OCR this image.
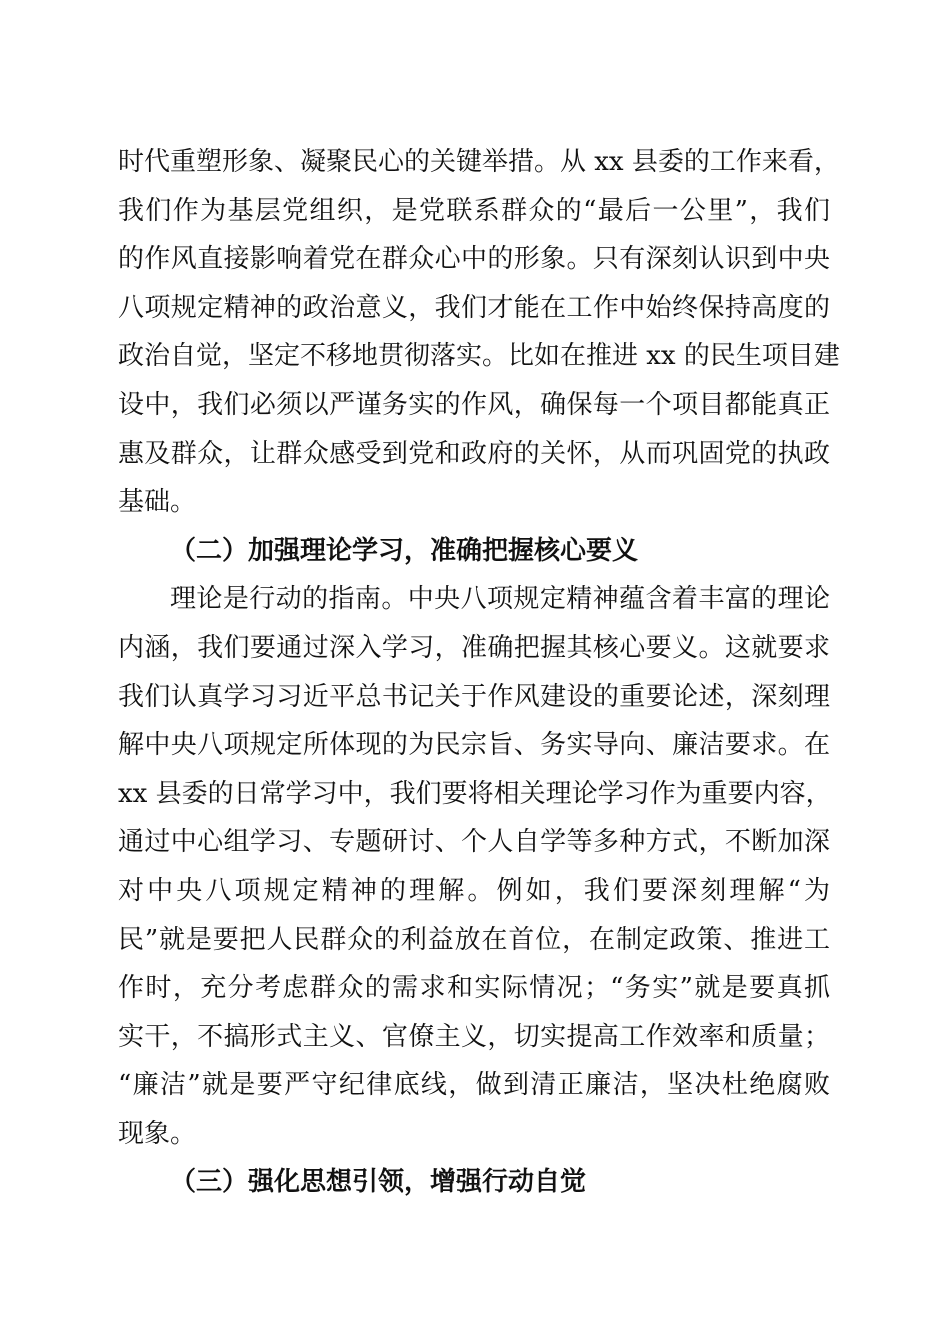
时代重塑形象、凝聚民心的关键举措。从 xx 县委的工作来看，
我们作为基层党组织，是党联系群众的“最后一公里”，我们
的作风直接影响着党在群众心中的形象。只有深刻认识到中央
八项规定精神的政治意义，我们才能在工作中始终保持高度的
政治自觉，坚定不移地贯彻落实。比如在推进 xx 的民生项目建
设中，我们必须以严谨务实的作风，确保每一个项目都能真正
惠及群众，让群众感受到党和政府的关怀，从而巩固党的执政
基础。
（二）加强理论学习，准确把握核心要义
理论是行动的指南。中央八项规定精神蕴含着丰富的理论
内涵，我们要通过深入学习，准确把握其核心要义。这就要求
我们认真学习习近平总书记关于作风建设的重要论述，深刻理
解中央八项规定所体现的为民宗旨、务实导向、廉洁要求。在
xx 县委的日常学习中，我们要将相关理论学习作为重要内容，
通过中心组学习、专题研讨、个人自学等多种方式，不断加深
对中央八项规定精神的理解。例如，我们要深刻理解“为
民”就是要把人民群众的利益放在首位，在制定政策、推进工
作时，充分考虑群众的需求和实际情况；“务实”就是要真抓
实干，不搞形式主义、官僚主义，切实提高工作效率和质量；
“廉洁”就是要严守纪律底线，做到清正廉洁，坚决杜绝腐败
现象。
（三）强化思想引领，增强行动自觉
